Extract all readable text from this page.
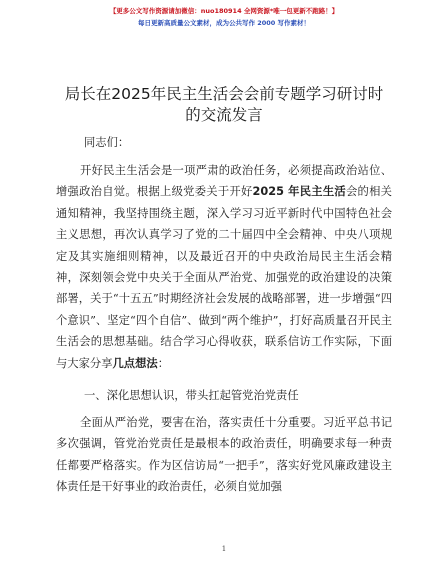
【更多公文写作资源请加微信：nuo180914 全网资源*唯一包更新不跑路！】
每日更新高质量公文素材，成为公共写作 2000 写作素材！
局长在2025年民主生活会会前专题学习研讨时
的交流发言
同志们：

开好民主生活会是一项严肃的政治任务，必须提高政治站位、增强政治自觉。根据上级党委关于开好2025 年民主生活会的相关通知精神，我坚持围绕主题，深入学习习近平新时代中国特色社会主义思想，再次认真学习了党的二十届四中全会精神、中央八项规定及其实施细则精神，以及最近召开的中央政治局民主生活会精神，深刻领会党中央关于全面从严治党、加强党的政治建设的决策部署，关于“十五五”时期经济社会发展的战略部署，进一步增强“四个意识”、坚定“四个自信”、做到“两个维护”，打好高质量召开民主生活会的思想基础。结合学习心得收获，联系信访工作实际，下面与大家分享几点想法：

一、深化思想认识，带头扛起管党治党责任

全面从严治党，要害在治，落实责任十分重要。习近平总书记多次强调，管党治党责任是最根本的政治责任，明确要求每一种责任都要严格落实。作为区信访局“一把手”，落实好党风廉政建设主体责任是干好事业的政治责任，必须自觉加强

1
